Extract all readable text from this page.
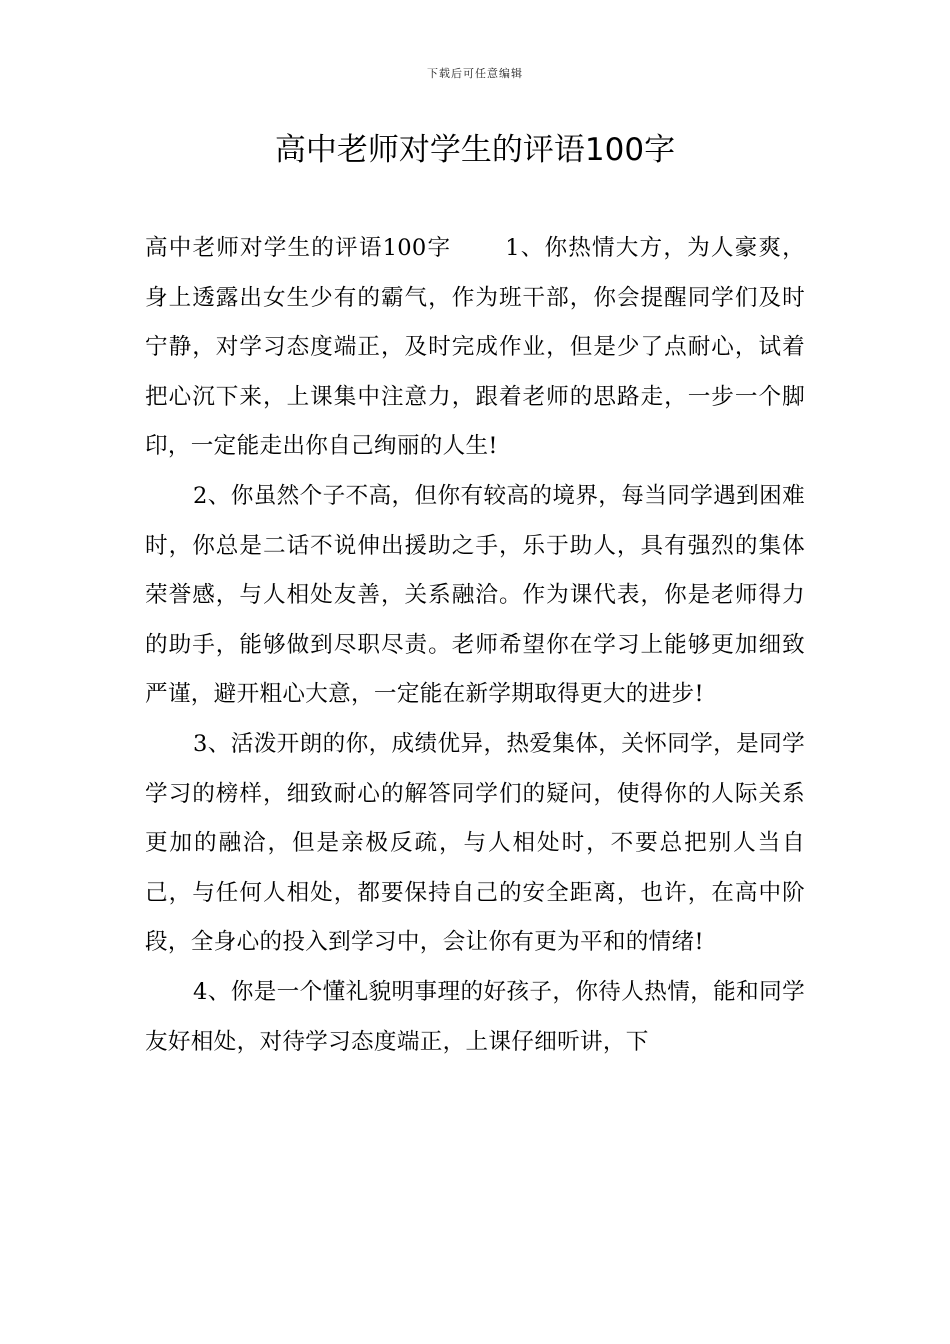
下载后可任意编辑
高中老师对学生的评语100字

高中老师对学生的评语100字 1、你热情大方，为人豪爽，身上透露出女生少有的霸气，作为班干部，你会提醒同学们及时宁静，对学习态度端正，及时完成作业，但是少了点耐心，试着把心沉下来，上课集中注意力，跟着老师的思路走，一步一个脚印，一定能走出你自己绚丽的人生!

2、你虽然个子不高，但你有较高的境界，每当同学遇到困难时，你总是二话不说伸出援助之手，乐于助人，具有强烈的集体荣誉感，与人相处友善，关系融洽。作为课代表，你是老师得力的助手，能够做到尽职尽责。老师希望你在学习上能够更加细致严谨，避开粗心大意，一定能在新学期取得更大的进步!

3、活泼开朗的你，成绩优异，热爱集体，关怀同学，是同学学习的榜样，细致耐心的解答同学们的疑问，使得你的人际关系更加的融洽，但是亲极反疏，与人相处时，不要总把别人当自己，与任何人相处，都要保持自己的安全距离，也许，在高中阶段，全身心的投入到学习中，会让你有更为平和的情绪!

4、你是一个懂礼貌明事理的好孩子，你待人热情，能和同学友好相处，对待学习态度端正，上课仔细听讲，下
